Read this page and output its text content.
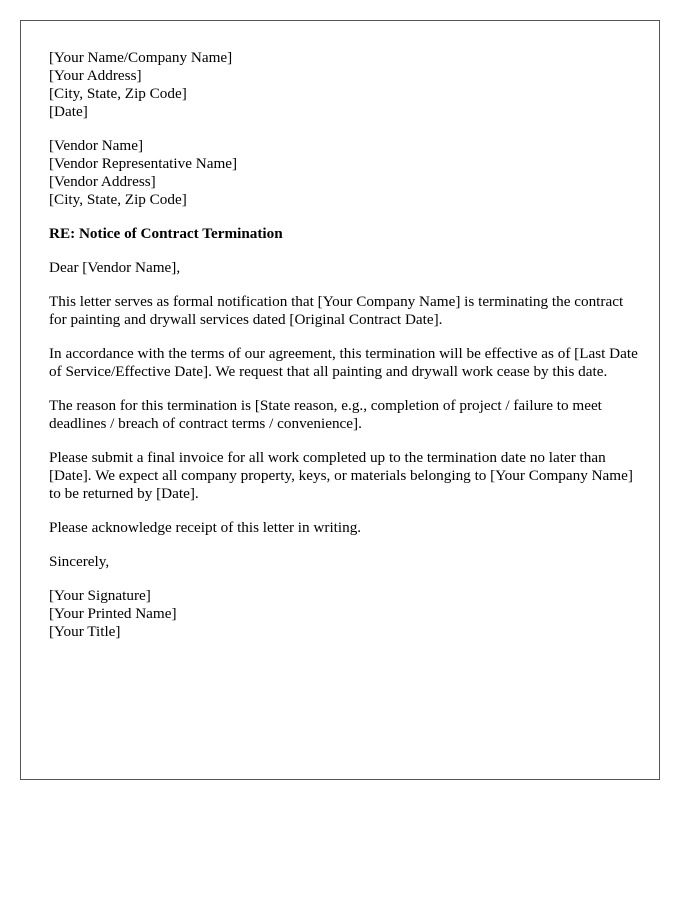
[Your Name/Company Name]
[Your Address]
[City, State, Zip Code]
[Date]
[Vendor Name]
[Vendor Representative Name]
[Vendor Address]
[City, State, Zip Code]
RE: Notice of Contract Termination

Dear [Vendor Name],

This letter serves as formal notification that [Your Company Name] is terminating the contract for painting and drywall services dated [Original Contract Date].

In accordance with the terms of our agreement, this termination will be effective as of [Last Date of Service/Effective Date]. We request that all painting and drywall work cease by this date.

The reason for this termination is [State reason, e.g., completion of project / failure to meet deadlines / breach of contract terms / convenience].

Please submit a final invoice for all work completed up to the termination date no later than [Date]. We expect all company property, keys, or materials belonging to [Your Company Name] to be returned by [Date].

Please acknowledge receipt of this letter in writing.

Sincerely,

[Your Signature]
[Your Printed Name]
[Your Title]
